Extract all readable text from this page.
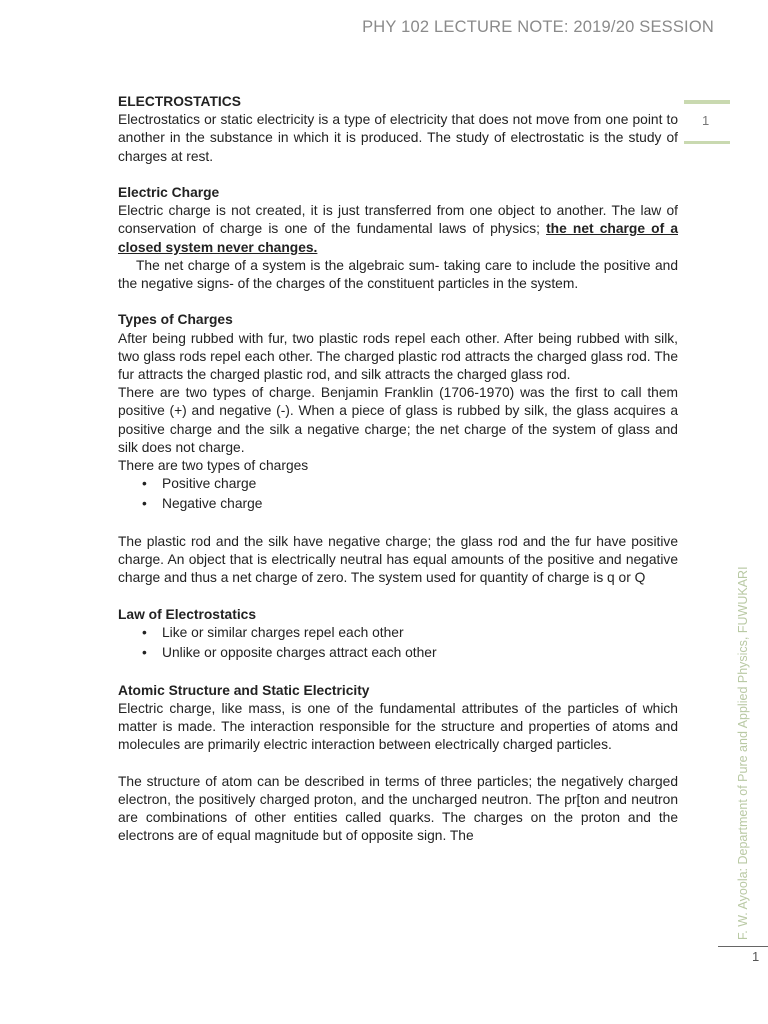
PHY 102 LECTURE NOTE: 2019/20 SESSION
1

ELECTROSTATICS

Electrostatics or static electricity is a type of electricity that does not move from one point to another in the substance in which it is produced. The study of electrostatic is the study of charges at rest.

Electric Charge

Electric charge is not created, it is just transferred from one object to another. The law of conservation of charge is one of the fundamental laws of physics; the net charge of a closed system never changes.

The net charge of a system is the algebraic sum- taking care to include the positive and the negative signs- of the charges of the constituent particles in the system.

Types of Charges

After being rubbed with fur, two plastic rods repel each other. After being rubbed with silk, two glass rods repel each other. The charged plastic rod attracts the charged glass rod. The fur attracts the charged plastic rod, and silk attracts the charged glass rod.

There are two types of charge. Benjamin Franklin (1706-1970) was the first to call them positive (+) and negative (-). When a piece of glass is rubbed by silk, the glass acquires a positive charge and the silk a negative charge; the net charge of the system of glass and silk does not charge.

There are two types of charges

• Positive charge
• Negative charge

The plastic rod and the silk have negative charge; the glass rod and the fur have positive charge. An object that is electrically neutral has equal amounts of the positive and negative charge and thus a net charge of zero. The system used for quantity of charge is q or Q

Law of Electrostatics

• Like or similar charges repel each other
• Unlike or opposite charges attract each other

Atomic Structure and Static Electricity

Electric charge, like mass, is one of the fundamental attributes of the particles of which matter is made. The interaction responsible for the structure and properties of atoms and molecules are primarily electric interaction between electrically charged particles.

The structure of atom can be described in terms of three particles; the negatively charged electron, the positively charged proton, and the uncharged neutron. The pr[ton and neutron are combinations of other entities called quarks. The charges on the proton and the electrons are of equal magnitude but of opposite sign. The	F. W. Ayoola: Department of Pure and Applied Physics, FUWUKARI
1
